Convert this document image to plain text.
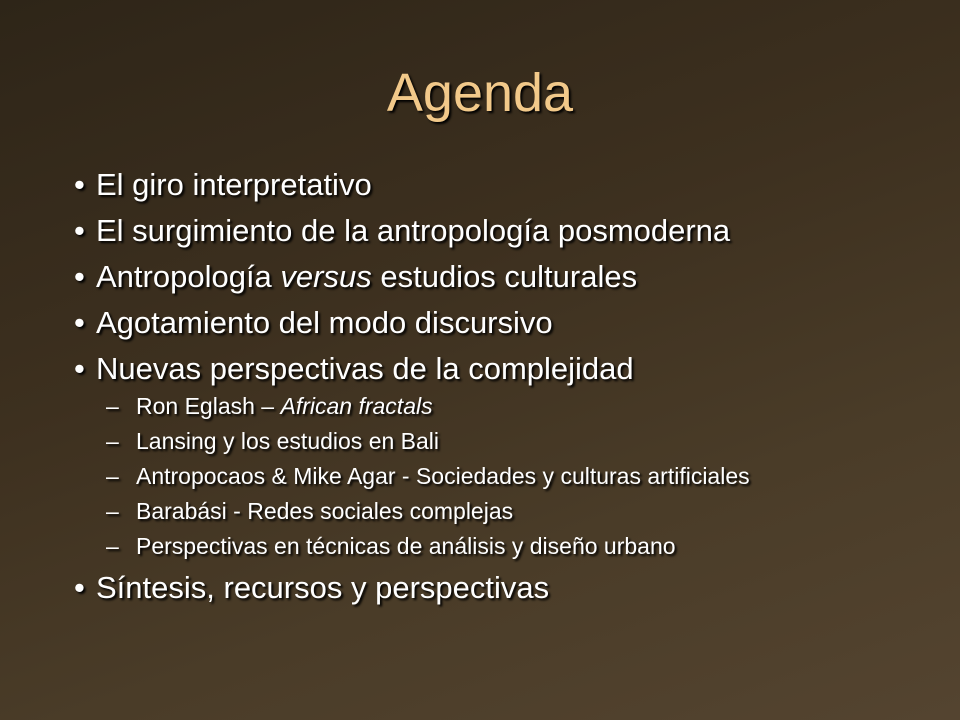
Agenda
• El giro interpretativo
• El surgimiento de la antropología posmoderna
• Antropología versus estudios culturales
• Agotamiento del modo discursivo
• Nuevas perspectivas de la complejidad
– Ron Eglash – African fractals
– Lansing y los estudios en Bali
– Antropocaos & Mike Agar - Sociedades y culturas artificiales
– Barabási - Redes sociales complejas
– Perspectivas en técnicas de análisis y diseño urbano
• Síntesis, recursos y perspectivas
